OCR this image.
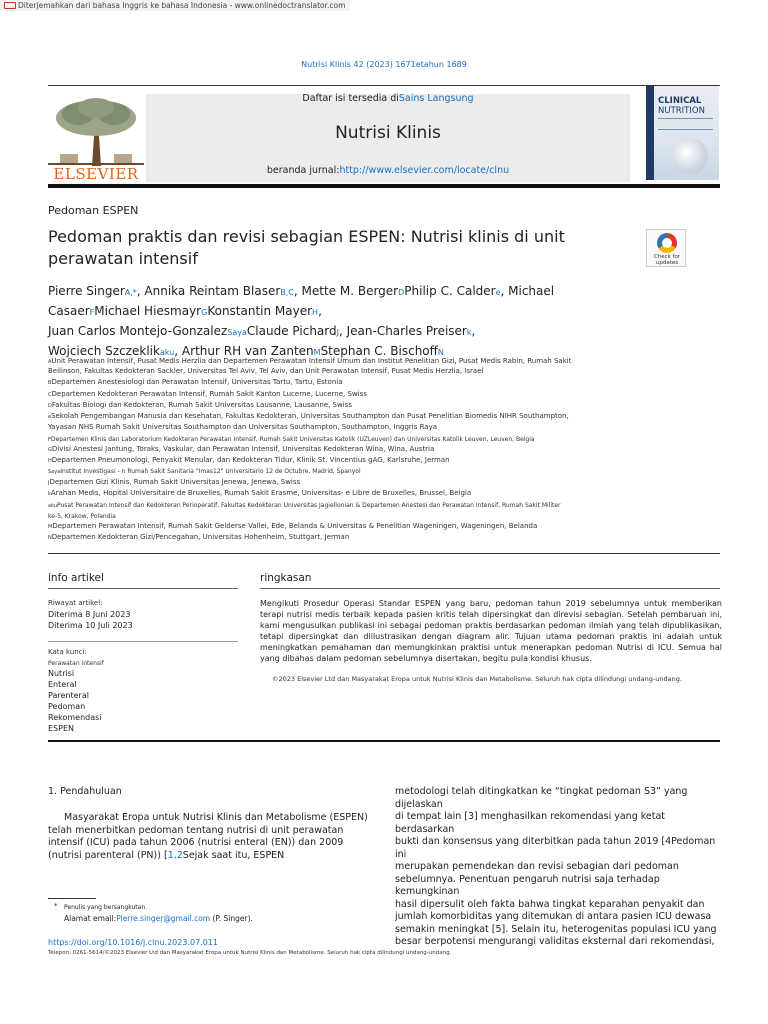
Diterjemahkan dari bahasa Inggris ke bahasa Indonesia - www.onlinedoctranslator.com
Nutrisi Klinis 42 (2023) 1671etahun 1689
ELSEVIER
Daftar isi tersedia diSains Langsung
Nutrisi Klinis
beranda jurnal:http://www.elsevier.com/locate/clnu
CLINICAL
NUTRITION
Pedoman ESPEN
Pedoman praktis dan revisi sebagian ESPEN: Nutrisi klinis di unit
perawatan intensif	Check for updates
Pierre SingerA,*, Annika Reintam BlaserB,C, Mette M. BergerDPhilip C. Caldere, Michael
CasaerFMichael HiesmayrGKonstantin MayerH,
Juan Carlos Montejo-GonzalezSayaClaude PichardJ, Jean-Charles Preiserk,
Wojciech Szczeklikaku, Arthur RH van ZantenMStephan C. BischoffN
AUnit Perawatan Intensif, Pusat Medis Herzlia dan Departemen Perawatan Intensif Umum dan Institut Penelitian Gizi, Pusat Medis Rabin, Rumah Sakit
Beilinson, Fakultas Kedokteran Sackler, Universitas Tel Aviv, Tel Aviv, dan Unit Perawatan Intensif, Pusat Medis Herzlia, Israel
BDepartemen Anestesiologi dan Perawatan Intensif, Universitas Tartu, Tartu, Estonia
CDepartemen Kedokteran Perawatan Intensif, Rumah Sakit Kanton Lucerne, Lucerne, Swiss
DFakultas Biologi dan Kedokteran, Rumah Sakit Universitas Lausanne, Lausanne, Swiss
eSekolah Pengembangan Manusia dan Kesehatan, Fakultas Kedokteran, Universitas Southampton dan Pusat Penelitian Biomedis NIHR Southampton,
Yayasan NHS Rumah Sakit Universitas Southampton dan Universitas Southampton, Southampton, Inggris Raya
FDepartemen Klinis dan Laboratorium Kedokteran Perawatan Intensif, Rumah Sakit Universitas Katolik (UZLeuven) dan Universitas Katolik Leuven, Leuven, Belgia
GDivisi Anestesi Jantung, Toraks, Vaskular, dan Perawatan Intensif, Universitas Kedokteran Wina, Wina, Austria
HDepartemen Pneumonologi, Penyakit Menular, dan Kedokteran Tidur, Klinik St. Vincentius gAG, Karlsruhe, Jerman
SayaInstitut Investigasi - n Rumah Sakit Sanitaria "Imas12" Universitario 12 de Octubre, Madrid, Spanyol
JDepartemen Gizi Klinis, Rumah Sakit Universitas Jenewa, Jenewa, Swiss
kArahan Medis, Hopital Universitaire de Bruxelles, Rumah Sakit Erasme, Universitas- e Libre de Bruxelles, Brussel, Belgia
akuPusat Perawatan Intensif dan Kedokteran Perioperatif, Fakultas Kedokteran Universitas Jagiellonian & Departemen Anestesi dan Perawatan Intensif, Rumah Sakit Militer
ke-5, Krakow, Polandia
MDepartemen Perawatan Intensif, Rumah Sakit Gelderse Vallei, Ede, Belanda & Universitas & Penelitian Wageningen, Wageningen, Belanda
NDepartemen Kedokteran Gizi/Pencegahan, Universitas Hohenheim, Stuttgart, Jerman
info artikel
Riwayat artikel:
Diterima 8 Juni 2023
Diterima 10 Juli 2023
Kata kunci:
Perawatan intensif
Nutrisi
Enteral
Parenteral
Pedoman
Rekomendasi
ESPEN
ringkasan
Mengikuti Prosedur Operasi Standar ESPEN yang baru, pedoman tahun 2019 sebelumnya untuk memberikan terapi nutrisi medis terbaik kepada pasien kritis telah dipersingkat dan direvisi sebagian. Setelah pembaruan ini, kami mengusulkan publikasi ini sebagai pedoman praktis berdasarkan pedoman ilmiah yang telah dipublikasikan, tetapi dipersingkat dan diilustrasikan dengan diagram alir. Tujuan utama pedoman praktis ini adalah untuk meningkatkan pemahaman dan memungkinkan praktisi untuk menerapkan pedoman Nutrisi di ICU. Semua hal yang dibahas dalam pedoman sebelumnya disertakan, begitu pula kondisi khusus.
©2023 Elsevier Ltd dan Masyarakat Eropa untuk Nutrisi Klinis dan Metabolisme. Seluruh hak cipta dilindungi undang-undang.
1. Pendahuluan
Masyarakat Eropa untuk Nutrisi Klinis dan Metabolisme (ESPEN) telah menerbitkan pedoman tentang nutrisi di unit perawatan intensif (ICU) pada tahun 2006 (nutrisi enteral (EN)) dan 2009 (nutrisi parenteral (PN)) [1,2Sejak saat itu, ESPEN
metodologi telah ditingkatkan ke “tingkat pedoman S3” yang dijelaskan
di tempat lain [3] menghasilkan rekomendasi yang ketat berdasarkan
bukti dan konsensus yang diterbitkan pada tahun 2019 [4Pedoman ini
merupakan pemendekan dan revisi sebagian dari pedoman
sebelumnya. Penentuan pengaruh nutrisi saja terhadap kemungkinan
hasil dipersulit oleh fakta bahwa tingkat keparahan penyakit dan
jumlah komorbiditas yang ditemukan di antara pasien ICU dewasa
semakin meningkat [5]. Selain itu, heterogenitas populasi ICU yang
besar berpotensi mengurangi validitas eksternal dari rekomendasi,
* Penulis yang bersangkutan.
Alamat email:Pierre.singer@gmail.com (P. Singer).
https://doi.org/10.1016/j.clnu.2023.07.011
Telepon: 0261-5614/©2023 Elsevier Ltd dan Masyarakat Eropa untuk Nutrisi Klinis dan Metabolisme. Seluruh hak cipta dilindungi undang-undang.
